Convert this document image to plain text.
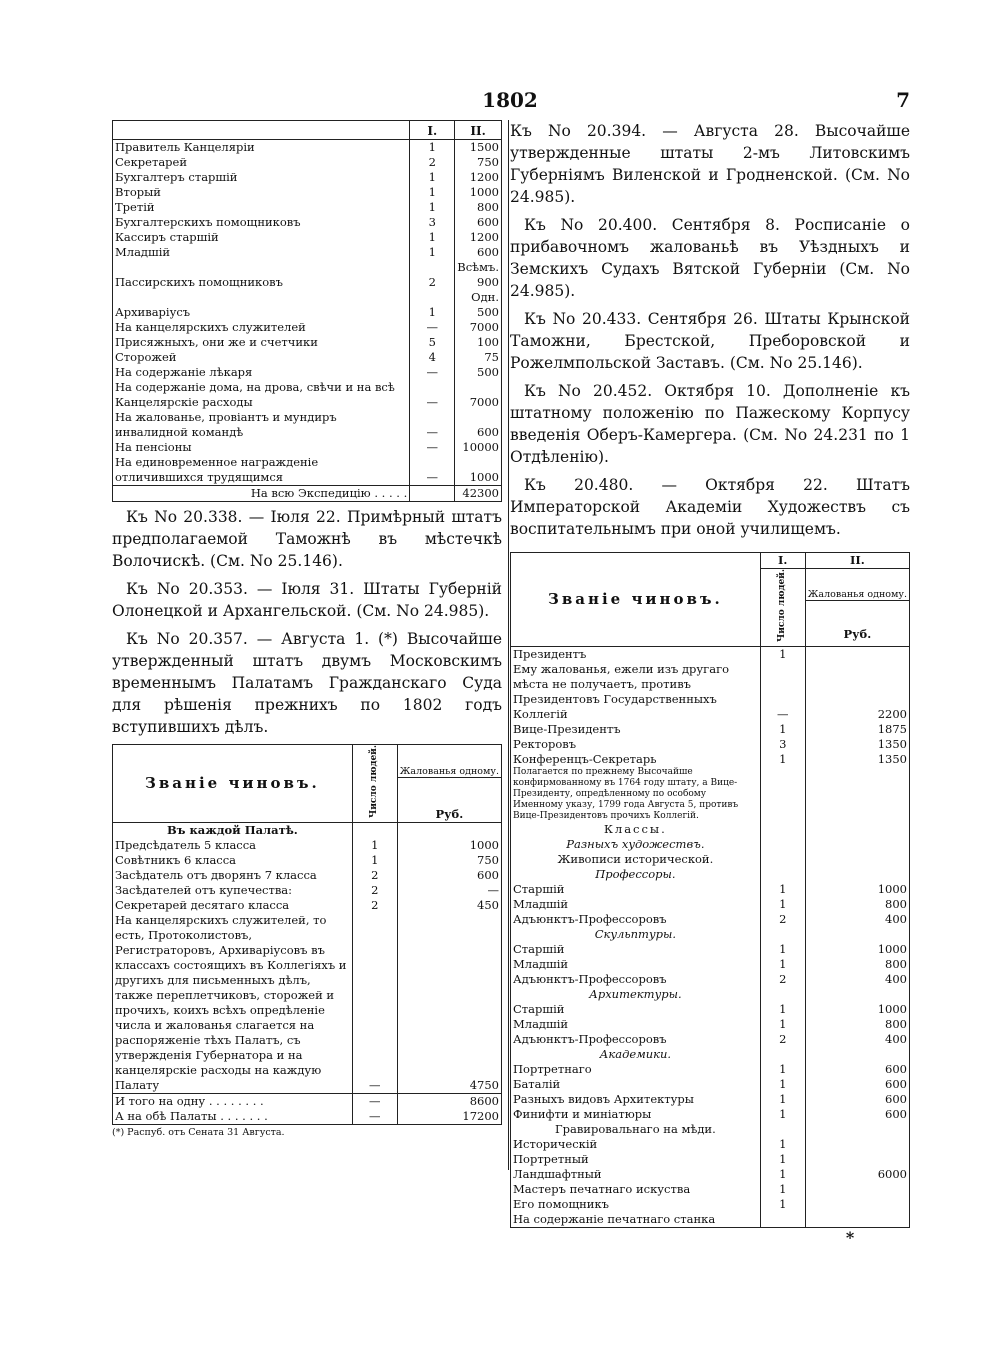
1802	7
	I.	II.
Правитель Канцеляріи	1	1500
Секретарей	2	750
Бухгалтеръ старшій	1	1200
Вторый	1	1000
Третій	1	800
Бухгалтерскихъ помощниковъ	3	600
Кассиръ старшій	1	1200
Младшій	1	600
		Всѣмъ.
Пассирскихъ помощниковъ	2	900
		Одн.
Архиваріусъ	1	500
На канцелярскихъ служителей	—	7000
Присяжныхъ, они же и счетчики	5	100
Сторожей	4	75
На содержаніе лѣкаря	—	500
На содержаніе дома, на дрова, свѣчи и на всѣ Канцелярскіе расходы	—	7000
На жалованье, провіантъ и мундиръ инвалидной командѣ	—	600
На пенсіоны	—	10000
На единовременное награжденіе отличившихся трудящимся	—	1000
На всю Экспедицію . . . . .		42300

Къ No 20.338. — Іюля 22. Примѣрный штатъ предполагаемой Таможнѣ въ мѣстечкѣ Волочискѣ. (См. No 25.146).

Къ No 20.353. — Іюля 31. Штаты Губерній Олонецкой и Архангельской. (См. No 24.985).

Къ No 20.357. — Августа 1. (*) Высочайше утвержденный штатъ двумъ Московскимъ временнымъ Палатамъ Гражданскаго Суда для рѣшенія прежнихъ по 1802 годъ вступившихъ дѣлъ.

Званіе чиновъ.	Число людей.	Жалованья одному.
		Руб.
Въ каждой Палатѣ.		
Предсѣдатель 5 класса	1	1000
Совѣтникъ 6 класса	1	750
Засѣдатель отъ дворянъ 7 класса	2	600
Засѣдателей отъ купечества:	2	—
Секретарей десятаго класса	2	450
На канцелярскихъ служителей, то есть, Протоколистовъ, Регистраторовъ, Архиваріусовъ въ классахъ состоящихъ въ Коллегіяхъ и другихъ для письменныхъ дѣлъ, также переплетчиковъ, сторожей и прочихъ, коихъ всѣхъ опредѣленіе числа и жалованья слагается на распоряженіе тѣхъ Палатъ, съ утвержденія Губернатора и на канцелярскіе расходы на каждую Палату	—	4750
И того на одну . . . . . . . .	—	8600
А на обѣ Палаты . . . . . . .	—	17200
(*) Распуб. отъ Сената 31 Августа.

Къ No 20.394. — Августа 28. Высочайше утвержденные штаты 2-мъ Литовскимъ Губерніямъ Виленской и Гродненской. (См. No 24.985).

Къ No 20.400. Сентября 8. Росписаніе о прибавочномъ жалованьѣ въ Уѣздныхъ и Земскихъ Судахъ Вятской Губерніи (См. No 24.985).

Къ No 20.433. Сентября 26. Штаты Крынской Таможни, Брестской, Преборовской и Рожелмпольской Заставъ. (См. No 25.146).

Къ No 20.452. Октября 10. Дополненіе къ штатному положенію по Пажескому Корпусу введенія Оберъ-Камергера. (См. No 24.231 по 1 Отдѣленію).

Къ 20.480. — Октября 22. Штатъ Императорской Академіи Художествъ съ воспитательнымъ при оной училищемъ.

Званіе чиновъ.	I.	II.
	Число людей.	Жалованья одному.
		Руб.

Президентъ	1	
Ему жалованья, ежели изъ другаго мѣста не получаетъ, противъ Президентовъ Государственныхъ Коллегій	—	2200
Вице-Президентъ	1	1875
Ректоровъ	3	1350
Конференцъ-Секретарь	1	1350
Полагается по прежнему Высочайше конфирмованному въ 1764 году штату, а Вице-Президенту, опредѣленному по особому Именному указу, 1799 года Августа 5, противъ Вице-Президентовъ прочихъ Коллегій.		
Классы.		
Разныхъ художествъ.		
Живописи исторической.		
Профессоры.		
Старшій	1	1000
Младшій	1	800
Адъюнктъ-Профессоровъ	2	400
Скульптуры.		
Старшій	1	1000
Младшій	1	800
Адъюнктъ-Профессоровъ	2	400
Архитектуры.		
Старшій	1	1000
Младшій	1	800
Адъюнктъ-Профессоровъ	2	400
Академики.		
Портретнаго	1	600
Баталій	1	600
Разныхъ видовъ Архитектуры	1	600
Финифти и миніатюры	1	600
Гравировальнаго на мѣди.		
Историческій	1	
Портретный	1	
Ландшафтный	1	6000
Мастеръ печатнаго искуства	1	
Его помощникъ	1	
На содержаніе печатнаго станка		
*
